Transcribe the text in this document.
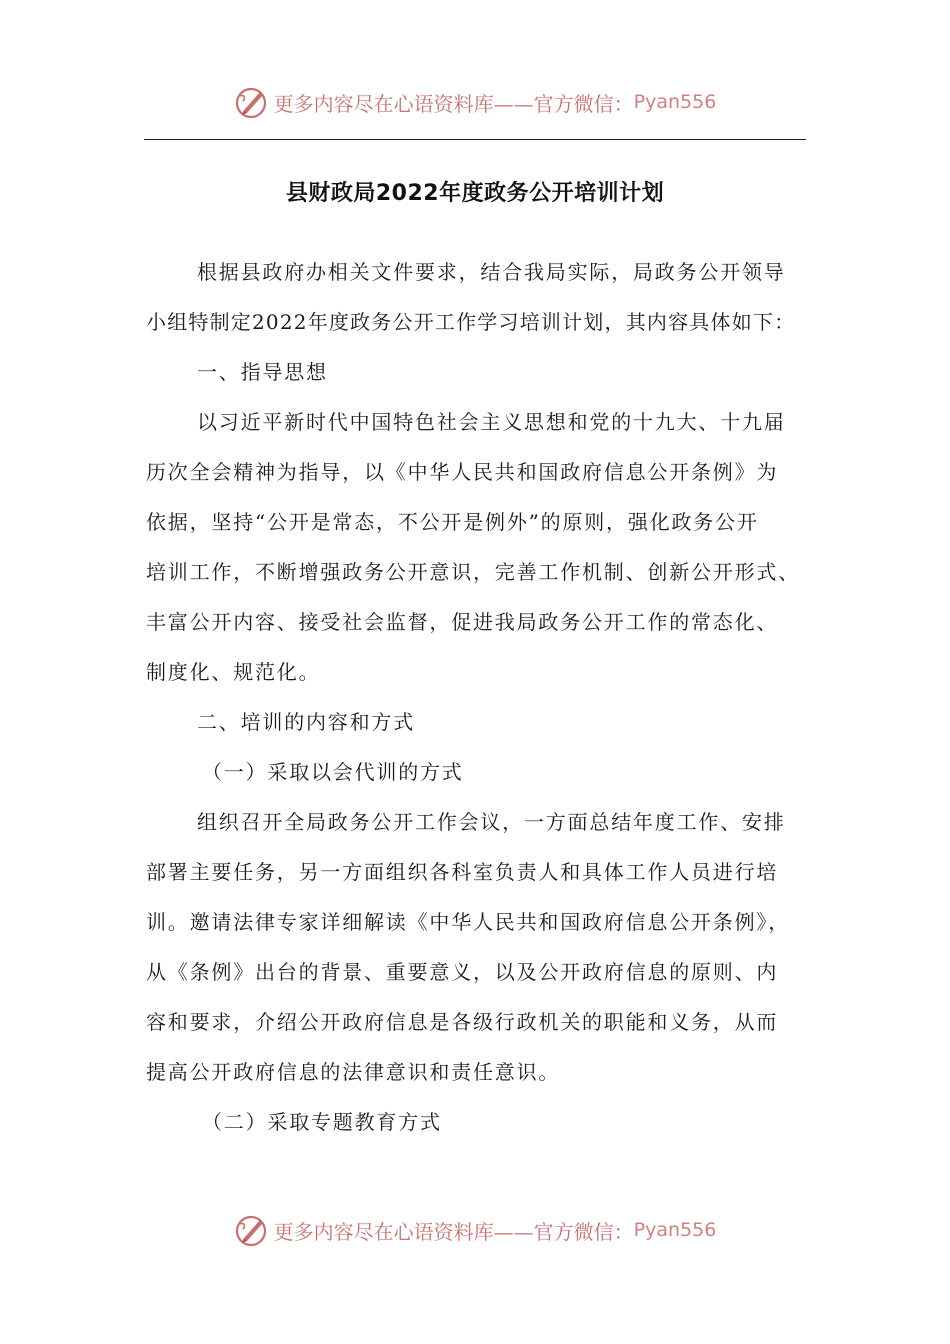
更多内容尽在心语资料库——官方微信： Pyan556
县财政局2022年度政务公开培训计划
根据县政府办相关文件要求，结合我局实际，局政务公开领导
小组特制定2022年度政务公开工作学习培训计划，其内容具体如下：
一、指导思想
以习近平新时代中国特色社会主义思想和党的十九大、十九届
历次全会精神为指导，以《中华人民共和国政府信息公开条例》为
依据，坚持“公开是常态，不公开是例外”的原则，强化政务公开
培训工作，不断增强政务公开意识，完善工作机制、创新公开形式、
丰富公开内容、接受社会监督，促进我局政务公开工作的常态化、
制度化、规范化。
二、培训的内容和方式
（一）采取以会代训的方式
组织召开全局政务公开工作会议，一方面总结年度工作、安排
部署主要任务，另一方面组织各科室负责人和具体工作人员进行培
训。邀请法律专家详细解读《中华人民共和国政府信息公开条例》，
从《条例》出台的背景、重要意义，以及公开政府信息的原则、内
容和要求，介绍公开政府信息是各级行政机关的职能和义务，从而
提高公开政府信息的法律意识和责任意识。
（二）采取专题教育方式
更多内容尽在心语资料库——官方微信： Pyan556
